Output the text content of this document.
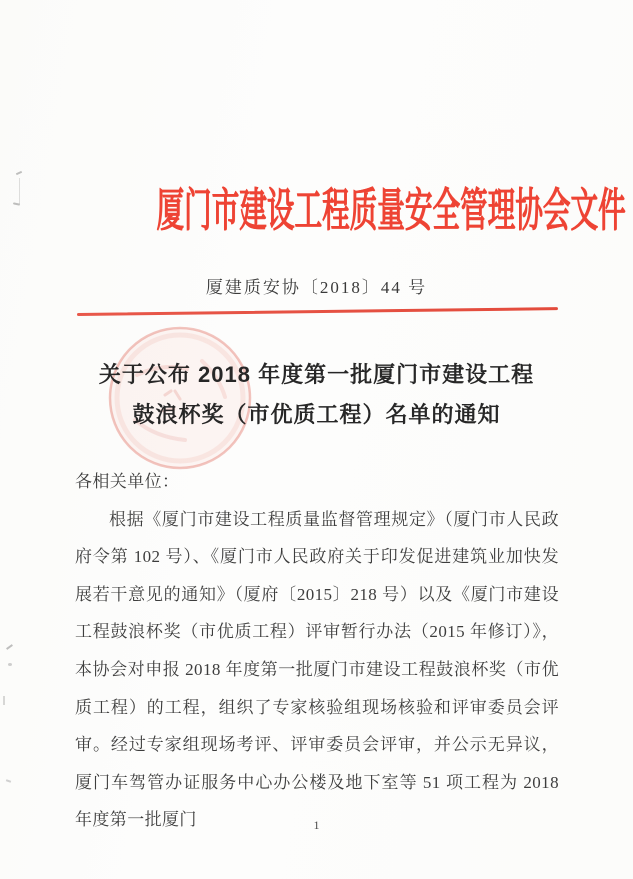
厦门市建设工程质量安全管理协会文件
厦建质安协〔2018〕44 号
关于公布 2018 年度第一批厦门市建设工程
鼓浪杯奖（市优质工程）名单的通知
各相关单位：
根据《厦门市建设工程质量监督管理规定》（厦门市人民政府令第 102 号）、《厦门市人民政府关于印发促进建筑业加快发展若干意见的通知》（厦府〔2015〕218 号）以及《厦门市建设工程鼓浪杯奖（市优质工程）评审暂行办法（2015 年修订）》，本协会对申报 2018 年度第一批厦门市建设工程鼓浪杯奖（市优质工程）的工程，组织了专家核验组现场核验和评审委员会评审。经过专家组现场考评、评审委员会评审，并公示无异议，厦门车驾管办证服务中心办公楼及地下室等 51 项工程为 2018 年度第一批厦门	1
